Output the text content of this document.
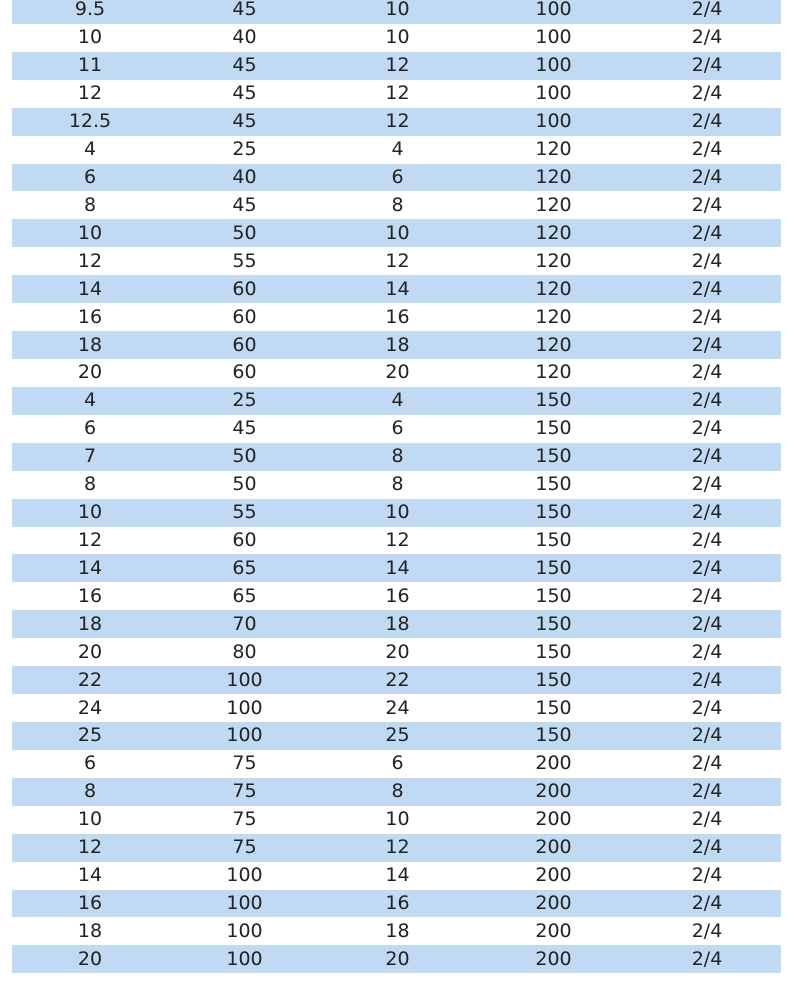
9.5	45	10	100	2/4
10	40	10	100	2/4
11	45	12	100	2/4
12	45	12	100	2/4
12.5	45	12	100	2/4
4	25	4	120	2/4
6	40	6	120	2/4
8	45	8	120	2/4
10	50	10	120	2/4
12	55	12	120	2/4
14	60	14	120	2/4
16	60	16	120	2/4
18	60	18	120	2/4
20	60	20	120	2/4
4	25	4	150	2/4
6	45	6	150	2/4
7	50	8	150	2/4
8	50	8	150	2/4
10	55	10	150	2/4
12	60	12	150	2/4
14	65	14	150	2/4
16	65	16	150	2/4
18	70	18	150	2/4
20	80	20	150	2/4
22	100	22	150	2/4
24	100	24	150	2/4
25	100	25	150	2/4
6	75	6	200	2/4
8	75	8	200	2/4
10	75	10	200	2/4
12	75	12	200	2/4
14	100	14	200	2/4
16	100	16	200	2/4
18	100	18	200	2/4
20	100	20	200	2/4
